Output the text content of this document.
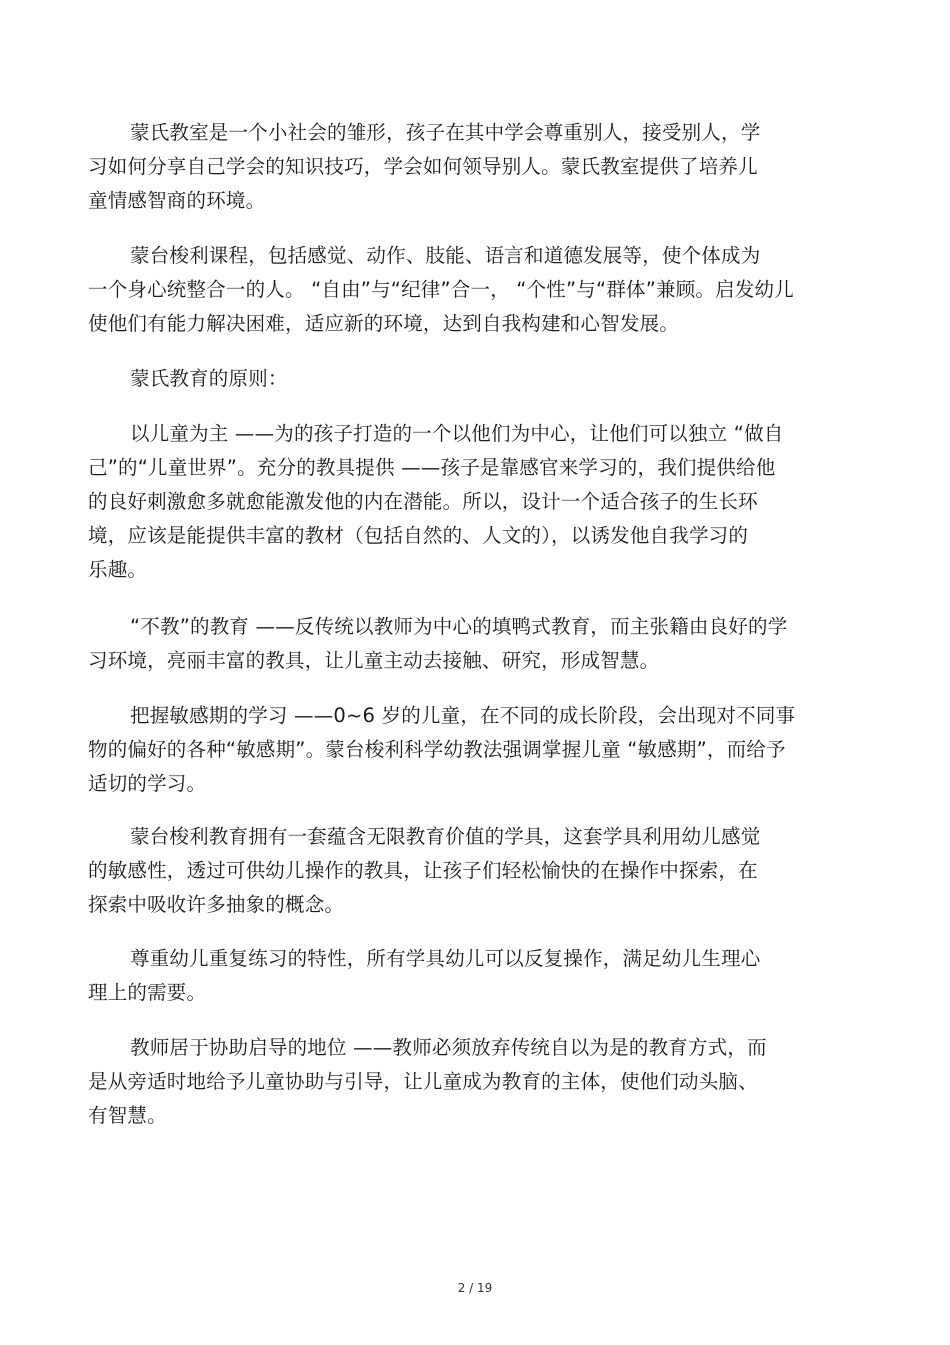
蒙氏教室是一个小社会的雏形，孩子在其中学会尊重别人，接受别人，学
习如何分享自己学会的知识技巧，学会如何领导别人。蒙氏教室提供了培养儿
童情感智商的环境。
蒙台梭利课程，包括感觉、动作、肢能、语言和道德发展等，使个体成为
一个身心统整合一的人。 “自由”与“纪律”合一， “个性”与“群体”兼顾。启发幼儿
使他们有能力解决困难，适应新的环境，达到自我构建和心智发展。
蒙氏教育的原则：
以儿童为主 ——为的孩子打造的一个以他们为中心，让他们可以独立 “做自
己”的“儿童世界”。充分的教具提供 ——孩子是靠感官来学习的，我们提供给他
的良好刺激愈多就愈能激发他的内在潜能。所以，设计一个适合孩子的生长环
境，应该是能提供丰富的教材（包括自然的、人文的），以诱发他自我学习的
乐趣。
“不教”的教育 ——反传统以教师为中心的填鸭式教育，而主张籍由良好的学
习环境，亮丽丰富的教具，让儿童主动去接触、研究，形成智慧。
把握敏感期的学习 ——0~6 岁的儿童，在不同的成长阶段，会出现对不同事
物的偏好的各种“敏感期”。蒙台梭利科学幼教法强调掌握儿童 “敏感期”，而给予
适切的学习。
蒙台梭利教育拥有一套蕴含无限教育价值的学具，这套学具利用幼儿感觉
的敏感性，透过可供幼儿操作的教具，让孩子们轻松愉快的在操作中探索，在
探索中吸收许多抽象的概念。
尊重幼儿重复练习的特性，所有学具幼儿可以反复操作，满足幼儿生理心
理上的需要。
教师居于协助启导的地位 ——教师必须放弃传统自以为是的教育方式，而
是从旁适时地给予儿童协助与引导，让儿童成为教育的主体，使他们动头脑、
有智慧。
2 / 19
